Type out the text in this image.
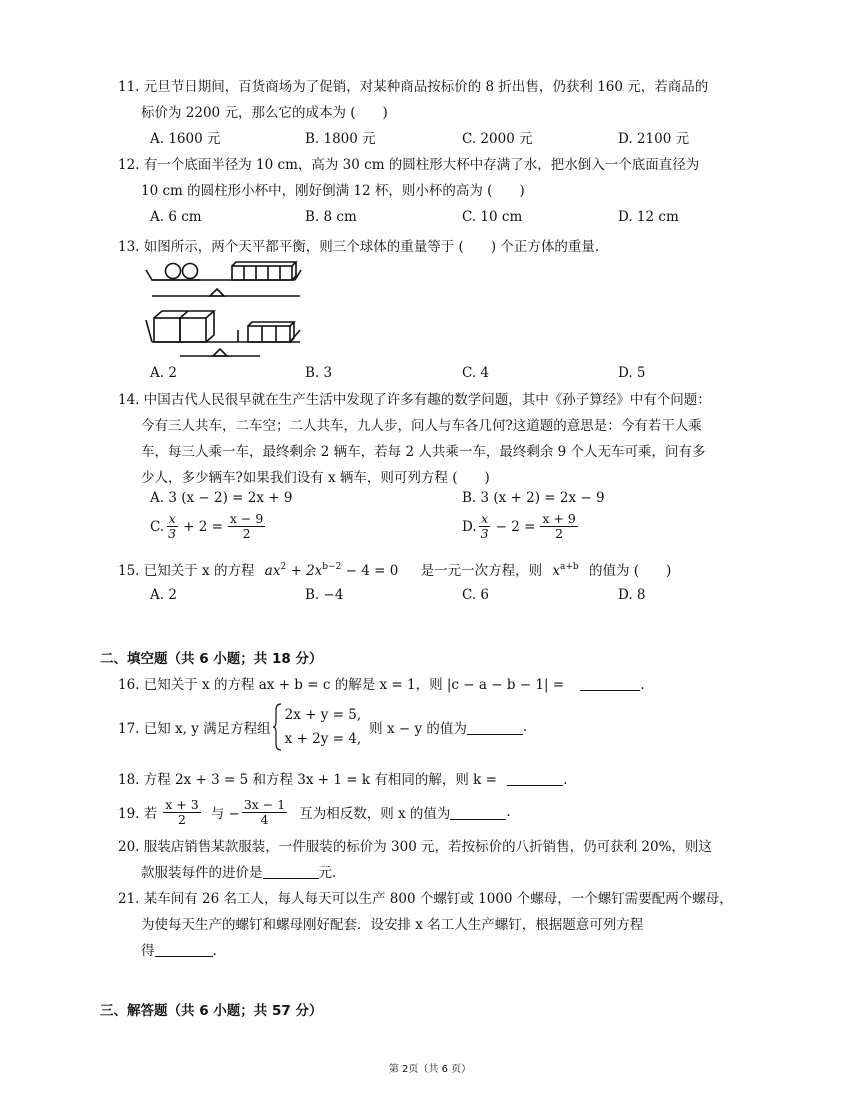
11. 元旦节日期间，百货商场为了促销，对某种商品按标价的 8 折出售，仍获利 160 元，若商品的
标价为 2200 元，那么它的成本为 (　　)
A. 1600 元	B. 1800 元	C. 2000 元	D. 2100 元
12. 有一个底面半径为 10 cm，高为 30 cm 的圆柱形大杯中存满了水，把水倒入一个底面直径为
10 cm 的圆柱形小杯中，刚好倒满 12 杯，则小杯的高为 (　　)
A. 6 cm	B. 8 cm	C. 10 cm	D. 12 cm
13. 如图所示，两个天平都平衡，则三个球体的重量等于 (　　) 个正方体的重量.
A. 2	B. 3	C. 4	D. 5
14. 中国古代人民很早就在生产生活中发现了许多有趣的数学问题，其中《孙子算经》中有个问题：
今有三人共车，二车空；二人共车，九人步，问人与车各几何?这道题的意思是：今有若干人乘
车，每三人乘一车，最终剩余 2 辆车，若每 2 人共乘一车，最终剩余 9 个人无车可乘，问有多
少人，多少辆车?如果我们设有 x 辆车，则可列方程 (　　)
A. 3 (x − 2) = 2x + 9	B. 3 (x + 2) = 2x − 9
C. $\frac{x}{3} + 2 = \frac{x - 9}{2}$	D. $\frac{x}{3} - 2 = \frac{x + 9}{2}$
15. 已知关于 x 的方程 $ax^2 + 2x^{b-2} - 4 = 0$ 是一元一次方程，则 $x^{a+b}$ 的值为 (　　)
A. 2	B. −4	C. 6	D. 8
二、填空题（共 6 小题；共 18 分）
16. 已知关于 x 的方程 ax + b = c 的解是 x = 1，则 |c − a − b − 1| =	.
17. 已知 x, y 满足方程组
2x + y = 5,
x + 2y = 4,
则 x − y 的值为	.
18. 方程 2x + 3 = 5 和方程 3x + 1 = k 有相同的解，则 k =	.
19. 若 $\frac{x + 3}{2}$ 与 − $\frac{3x - 1}{4}$ 互为相反数，则 x 的值为	.
20. 服装店销售某款服装，一件服装的标价为 300 元，若按标价的八折销售，仍可获利 20%，则这
款服装每件的进价是	元.
21. 某车间有 26 名工人，每人每天可以生产 800 个螺钉或 1000 个螺母，一个螺钉需要配两个螺母，
为使每天生产的螺钉和螺母刚好配套．设安排 x 名工人生产螺钉，根据题意可列方程
得	.
三、解答题（共 6 小题；共 57 分）
第 2页（共 6 页）
